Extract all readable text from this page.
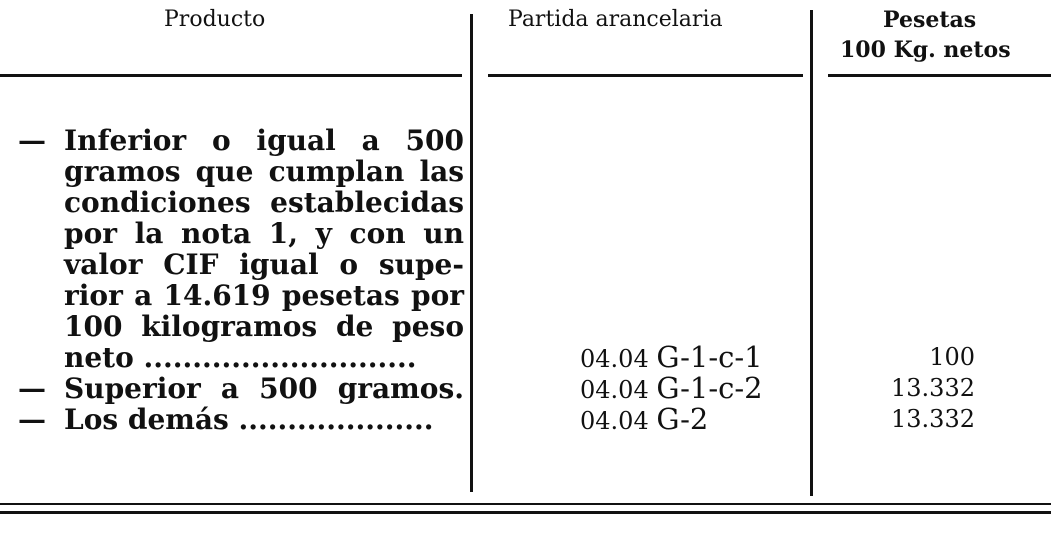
Producto	Partida arancelaria	Pesetas
100 Kg. netos
— Inferior o igual a 500
gramos que cumplan las
condiciones establecidas
por la nota 1, y con un
valor CIF igual o supe-
rior a 14.619 pesetas por
100 kilogramos de peso
neto ............................	04.04 G-1-c-1	100
— Superior a 500 gramos.	04.04 G-1-c-2	13.332
— Los demás ....................	04.04 G-2	13.332
